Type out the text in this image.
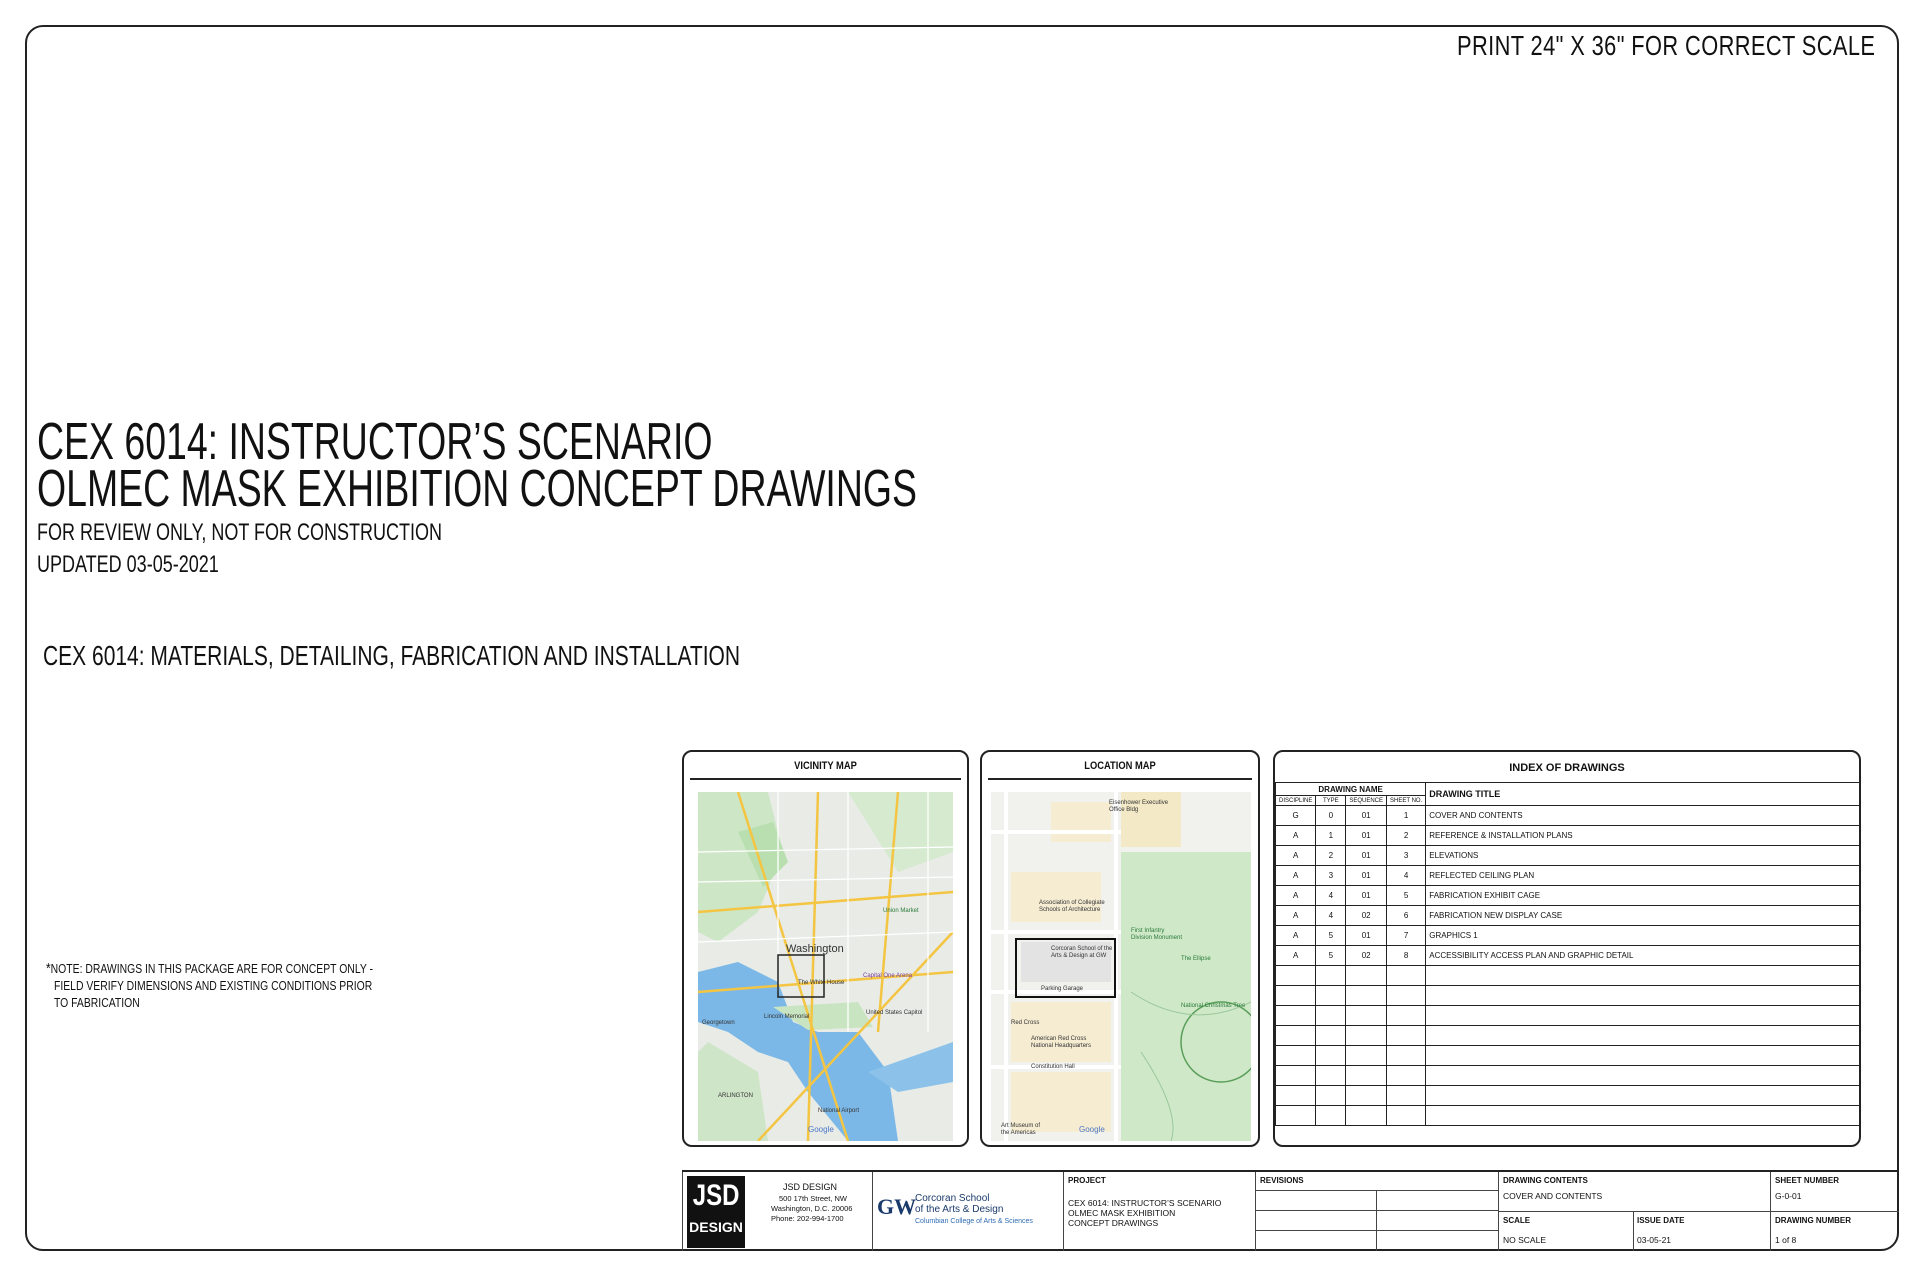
PRINT 24" X 36" FOR CORRECT SCALE
CEX 6014: INSTRUCTOR’S SCENARIO
OLMEC MASK EXHIBITION CONCEPT DRAWINGS
FOR REVIEW ONLY, NOT FOR CONSTRUCTION
UPDATED 03-05-2021
CEX 6014: MATERIALS, DETAILING, FABRICATION AND INSTALLATION
*NOTE: DRAWINGS IN THIS PACKAGE ARE FOR CONCEPT ONLY -
FIELD VERIFY DIMENSIONS AND EXISTING CONDITIONS PRIOR
TO FABRICATION
VICINITY MAP
Washington
The White House
Capital One Arena
Union Market
Lincoln Memorial
United States Capitol
Georgetown
National Airport
ARLINGTON
Google
LOCATION MAP
Eisenhower Executive
Office Bldg
Association of Collegiate
Schools of Architecture
Corcoran School of the
Arts & Design at GW
Parking Garage
Red Cross
American Red Cross
National Headquarters
Constitution Hall
First Infantry
Division Monument
The Ellipse
National Christmas Tree
Art Museum of
the Americas	Google
INDEX OF DRAWINGS
DRAWING NAME				DRAWING TITLE
DISCIPLINE	TYPE	SEQUENCE	SHEET NO.	
G	0	01	1	COVER AND CONTENTS
A	1	01	2	REFERENCE & INSTALLATION PLANS
A	2	01	3	ELEVATIONS
A	3	01	4	REFLECTED CEILING PLAN
A	4	01	5	FABRICATION EXHIBIT CAGE
A	4	02	6	FABRICATION NEW DISPLAY CASE
A	5	01	7	GRAPHICS 1
A	5	02	8	ACCESSIBILITY ACCESS PLAN AND GRAPHIC DETAIL

JSD
DESIGN
JSD DESIGN
500 17th Street, NW
Washington, D.C. 20006
Phone: 202-994-1700 GW
Corcoran School
of the Arts & Design
Columbian College of Arts & Sciences
PROJECT
CEX 6014: INSTRUCTOR’S SCENARIO
OLMEC MASK EXHIBITION
CONCEPT DRAWINGS
REVISIONS	DRAWING CONTENTS
COVER AND CONTENTS
SCALE
NO SCALE
ISSUE DATE
03-05-21
SHEET NUMBER
G-0-01
DRAWING NUMBER
1 of 8
